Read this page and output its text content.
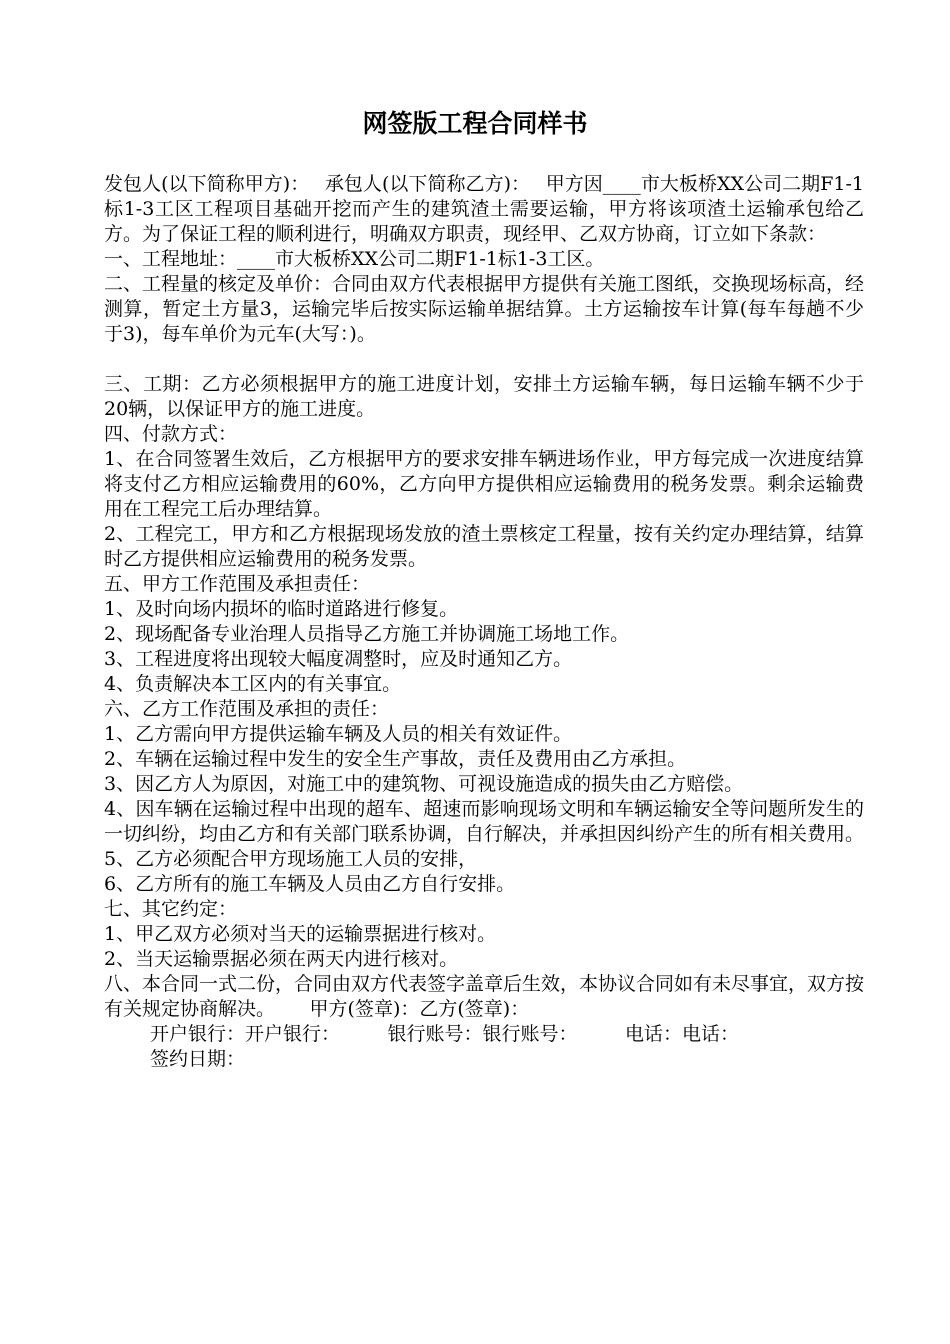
网签版工程合同样书

发包人(以下简称甲方)：　 承包人(以下简称乙方)：　 甲方因____市大板桥XX公司二期F1-1标1-3工区工程项目基础开挖而产生的建筑渣土需要运输，甲方将该项渣土运输承包给乙方。为了保证工程的顺利进行，明确双方职责，现经甲、乙双方协商，订立如下条款：

一、工程地址：____市大板桥XX公司二期F1-1标1-3工区。

二、工程量的核定及单价：合同由双方代表根据甲方提供有关施工图纸，交换现场标高，经测算，暂定土方量3，运输完毕后按实际运输单据结算。土方运输按车计算(每车每趟不少于3)，每车单价为元车(大写：)。

三、工期：乙方必须根据甲方的施工进度计划，安排土方运输车辆，每日运输车辆不少于20辆，以保证甲方的施工进度。

四、付款方式：

1、在合同签署生效后，乙方根据甲方的要求安排车辆进场作业，甲方每完成一次进度结算将支付乙方相应运输费用的60%，乙方向甲方提供相应运输费用的税务发票。剩余运输费用在工程完工后办理结算。

2、工程完工，甲方和乙方根据现场发放的渣土票核定工程量，按有关约定办理结算，结算时乙方提供相应运输费用的税务发票。

五、甲方工作范围及承担责任：

1、及时向场内损坏的临时道路进行修复。

2、现场配备专业治理人员指导乙方施工并协调施工场地工作。

3、工程进度将出现较大幅度凋整时，应及时通知乙方。

4、负责解决本工区内的有关事宜。

六、乙方工作范围及承担的责任：

1、乙方需向甲方提供运输车辆及人员的相关有效证件。

2、车辆在运输过程中发生的安全生产事故，责任及费用由乙方承担。

3、因乙方人为原因，对施工中的建筑物、可视设施造成的损失由乙方赔偿。

4、因车辆在运输过程中出现的超车、超速而影响现场文明和车辆运输安全等问题所发生的一切纠纷，均由乙方和有关部门联系协调，自行解决，并承担因纠纷产生的所有相关费用。

5、乙方必须配合甲方现场施工人员的安排，

6、乙方所有的施工车辆及人员由乙方自行安排。

七、其它约定：

1、甲乙双方必须对当天的运输票据进行核对。

2、当天运输票据必须在两天内进行核对。

八、本合同一式二份，合同由双方代表签字盖章后生效，本协议合同如有未尽事宜，双方按有关规定协商解决。　　 甲方(签章)：乙方(签章)：

开户银行：开户银行：　　　银行账号：银行账号：　　　电话：电话：

签约日期：
